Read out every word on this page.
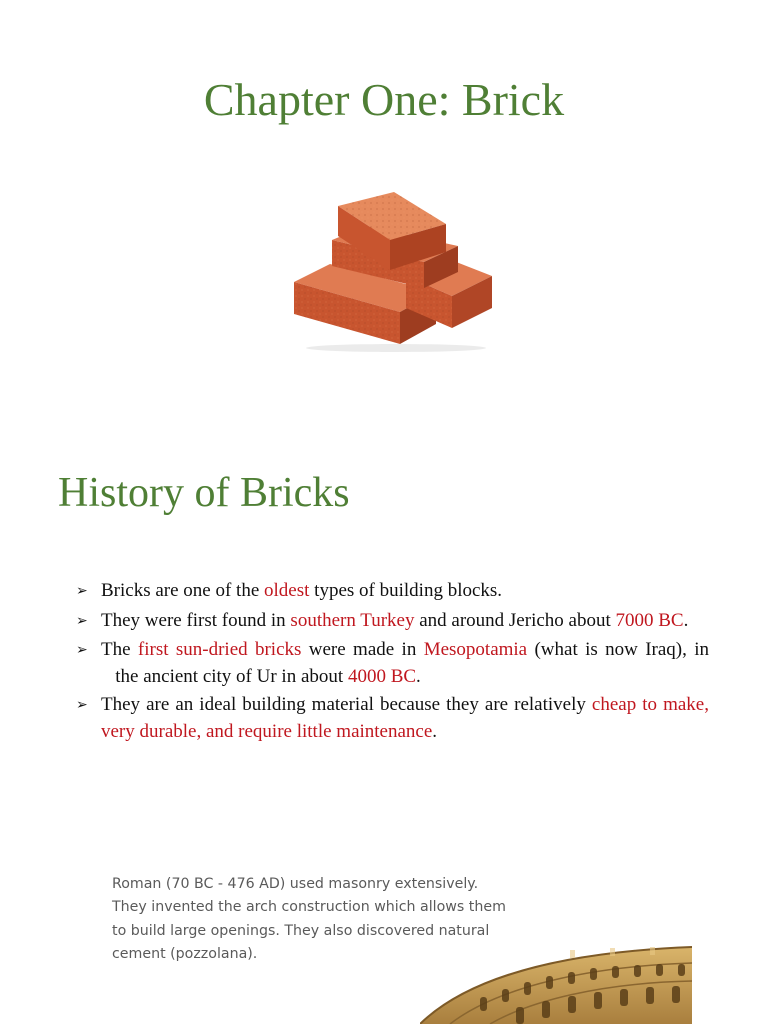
Chapter One: Brick
History of Bricks
➢ Bricks are one of the oldest types of building blocks.
➢ They were first found in southern Turkey and around Jericho about 7000 BC.
➢ The first sun-dried bricks were made in Mesopotamia (what is now Iraq), in    the ancient city of Ur in about 4000 BC.
➢ They are an ideal building material because they are relatively cheap to make, very durable, and require little maintenance.
Roman (70 BC - 476 AD) used masonry extensively.
They invented the arch construction which allows them
to build large openings. They also discovered natural
cement (pozzolana).
